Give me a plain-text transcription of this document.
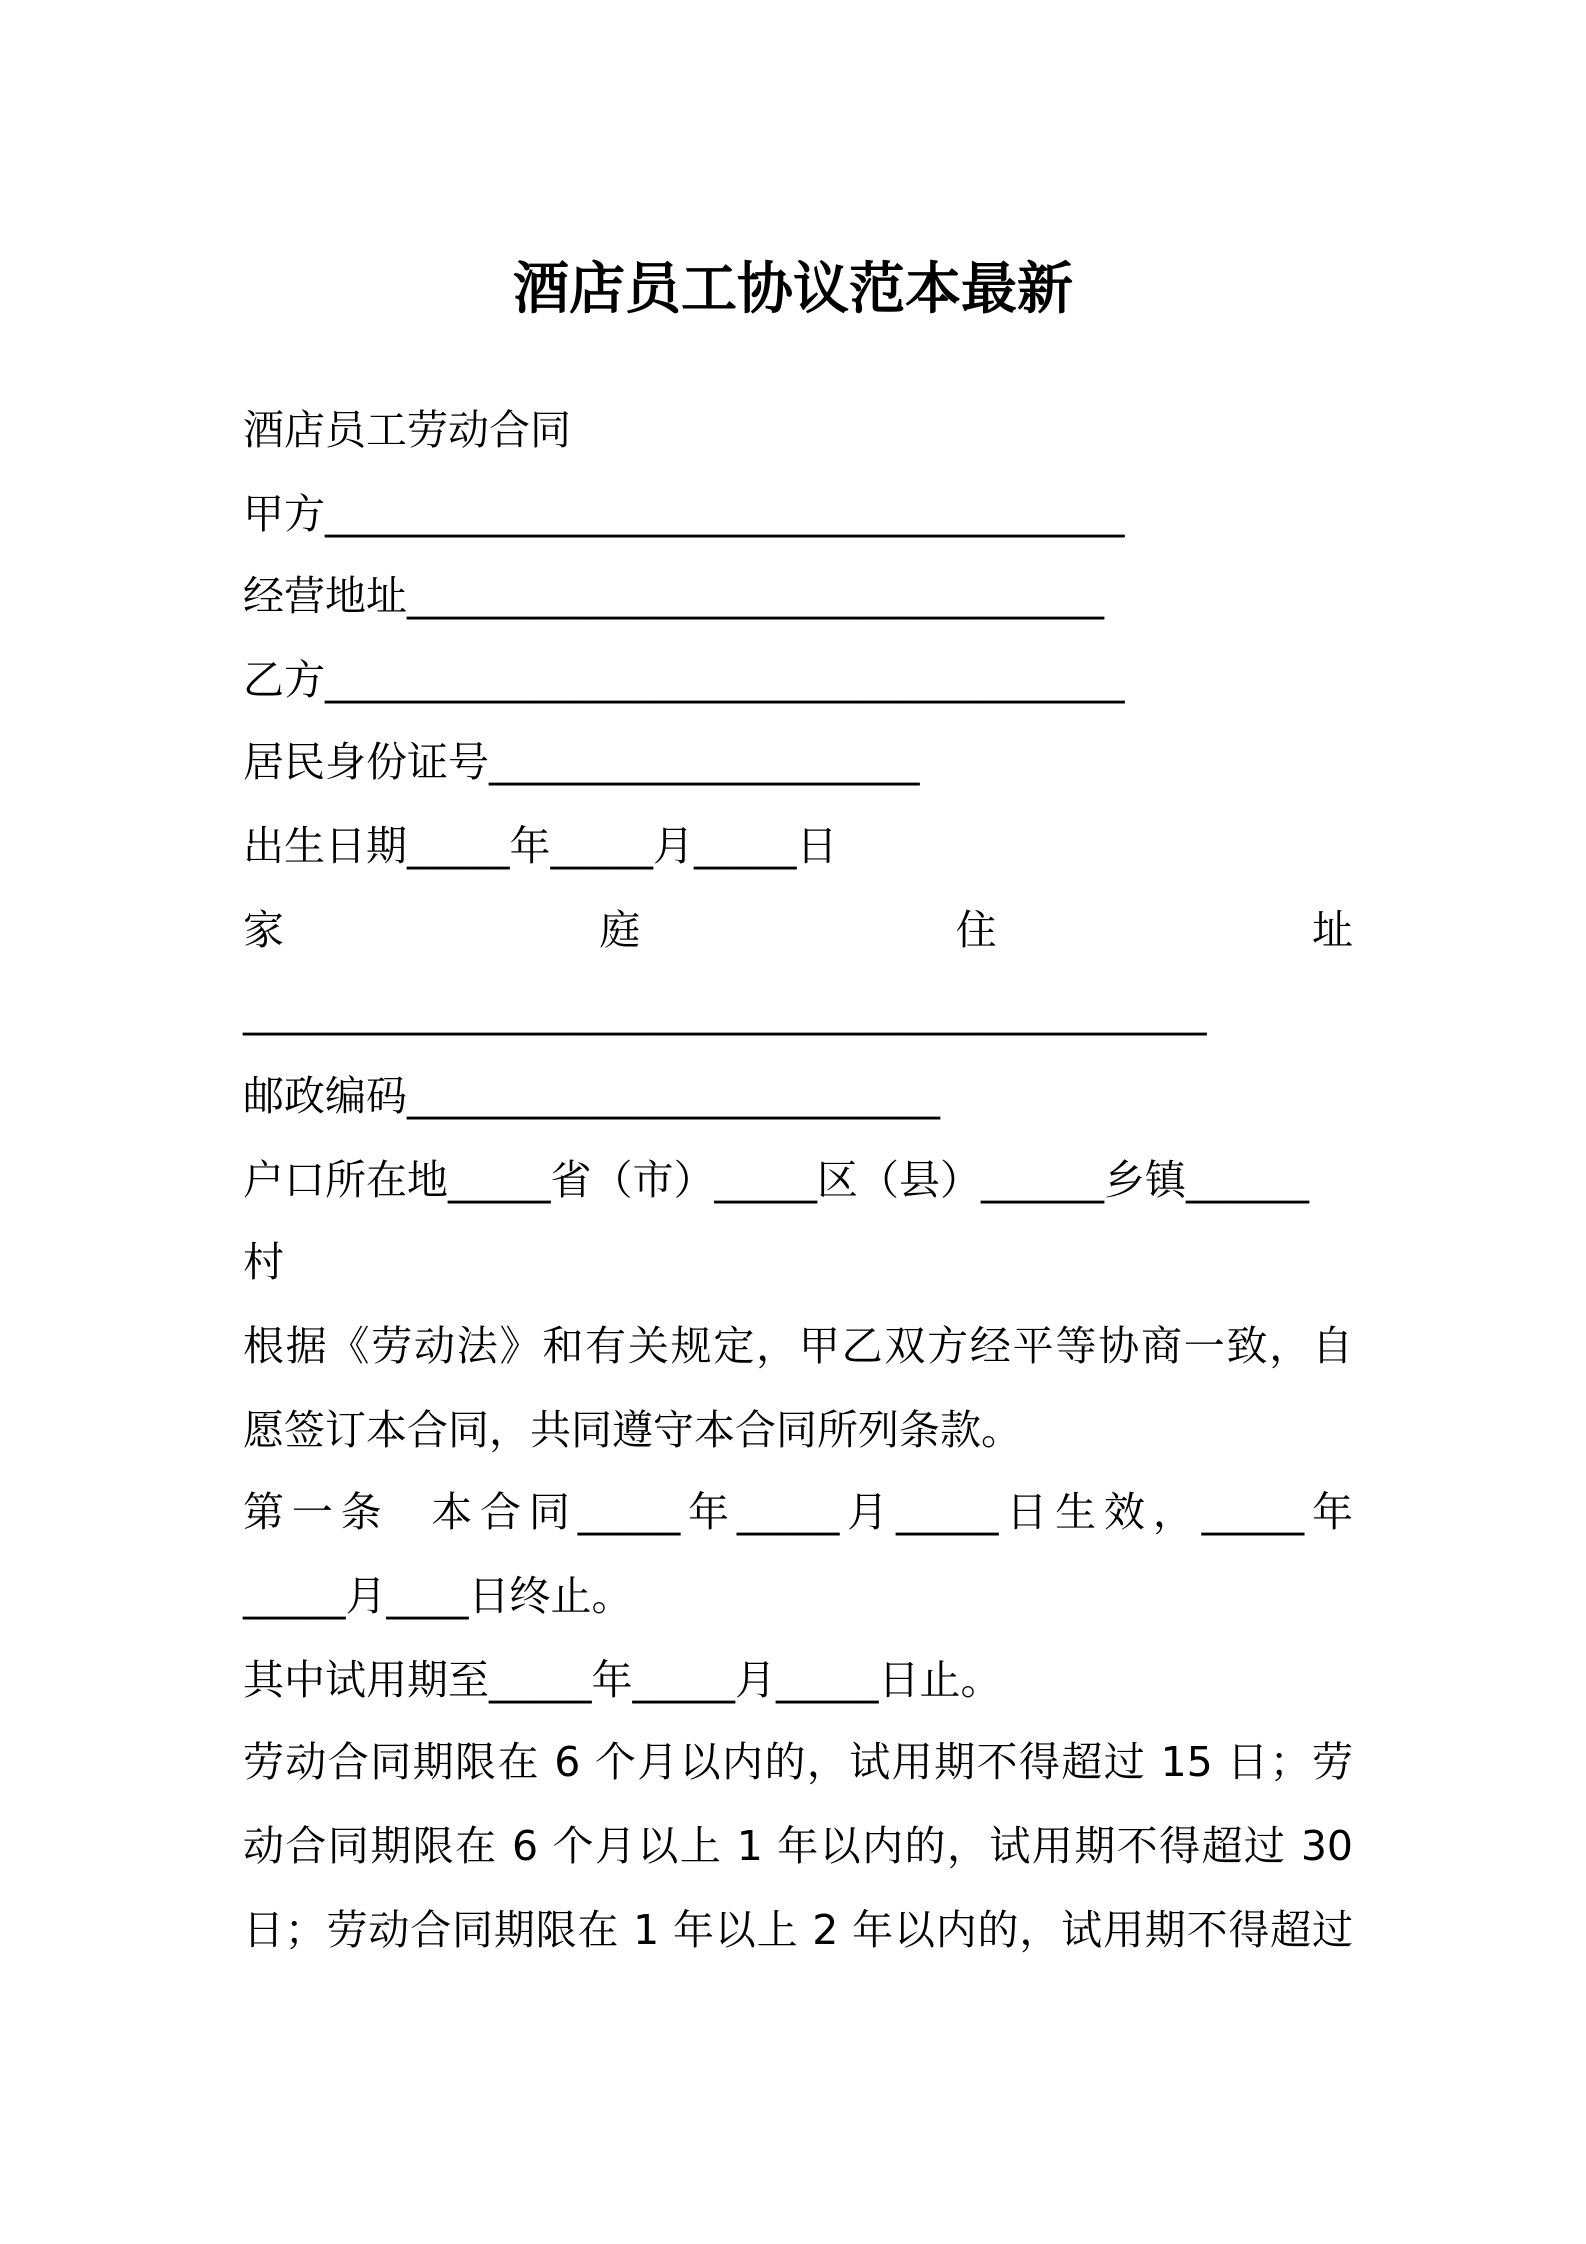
酒店员工协议范本最新
酒店员工劳动合同
甲方_______________________________________
经营地址__________________________________
乙方_______________________________________
居民身份证号_____________________
出生日期_____年_____月_____日
家	庭	住	址
_______________________________________________
邮政编码__________________________
户口所在地_____省（市）_____区（县）______乡镇______
村
根据《劳动法》和有关规定，甲乙双方经平等协商一致，自
愿签订本合同，共同遵守本合同所列条款。
第一条  本合同_____年_____月_____日生效，_____年
_____月____日终止。
其中试用期至_____年_____月_____日止。
劳动合同期限在 6 个月以内的，试用期不得超过 15 日；劳
动合同期限在 6 个月以上 1 年以内的，试用期不得超过 30
日；劳动合同期限在 1 年以上 2 年以内的，试用期不得超过
